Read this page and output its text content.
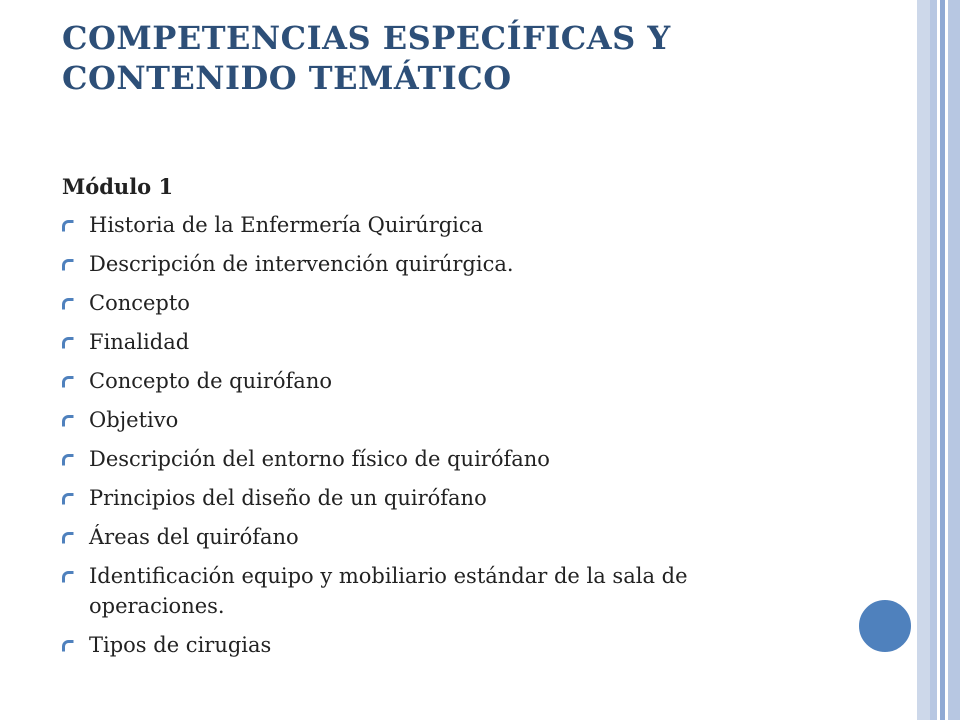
COMPETENCIAS ESPECÍFICAS Y
CONTENIDO TEMÁTICO
Módulo 1
Historia de la Enfermería Quirúrgica
Descripción de intervención quirúrgica.
Concepto
Finalidad
Concepto de quirófano
Objetivo
Descripción del entorno físico de quirófano
Principios del diseño de un quirófano
Áreas del quirófano
Identificación equipo y mobiliario estándar de la sala de operaciones.
Tipos de cirugias
